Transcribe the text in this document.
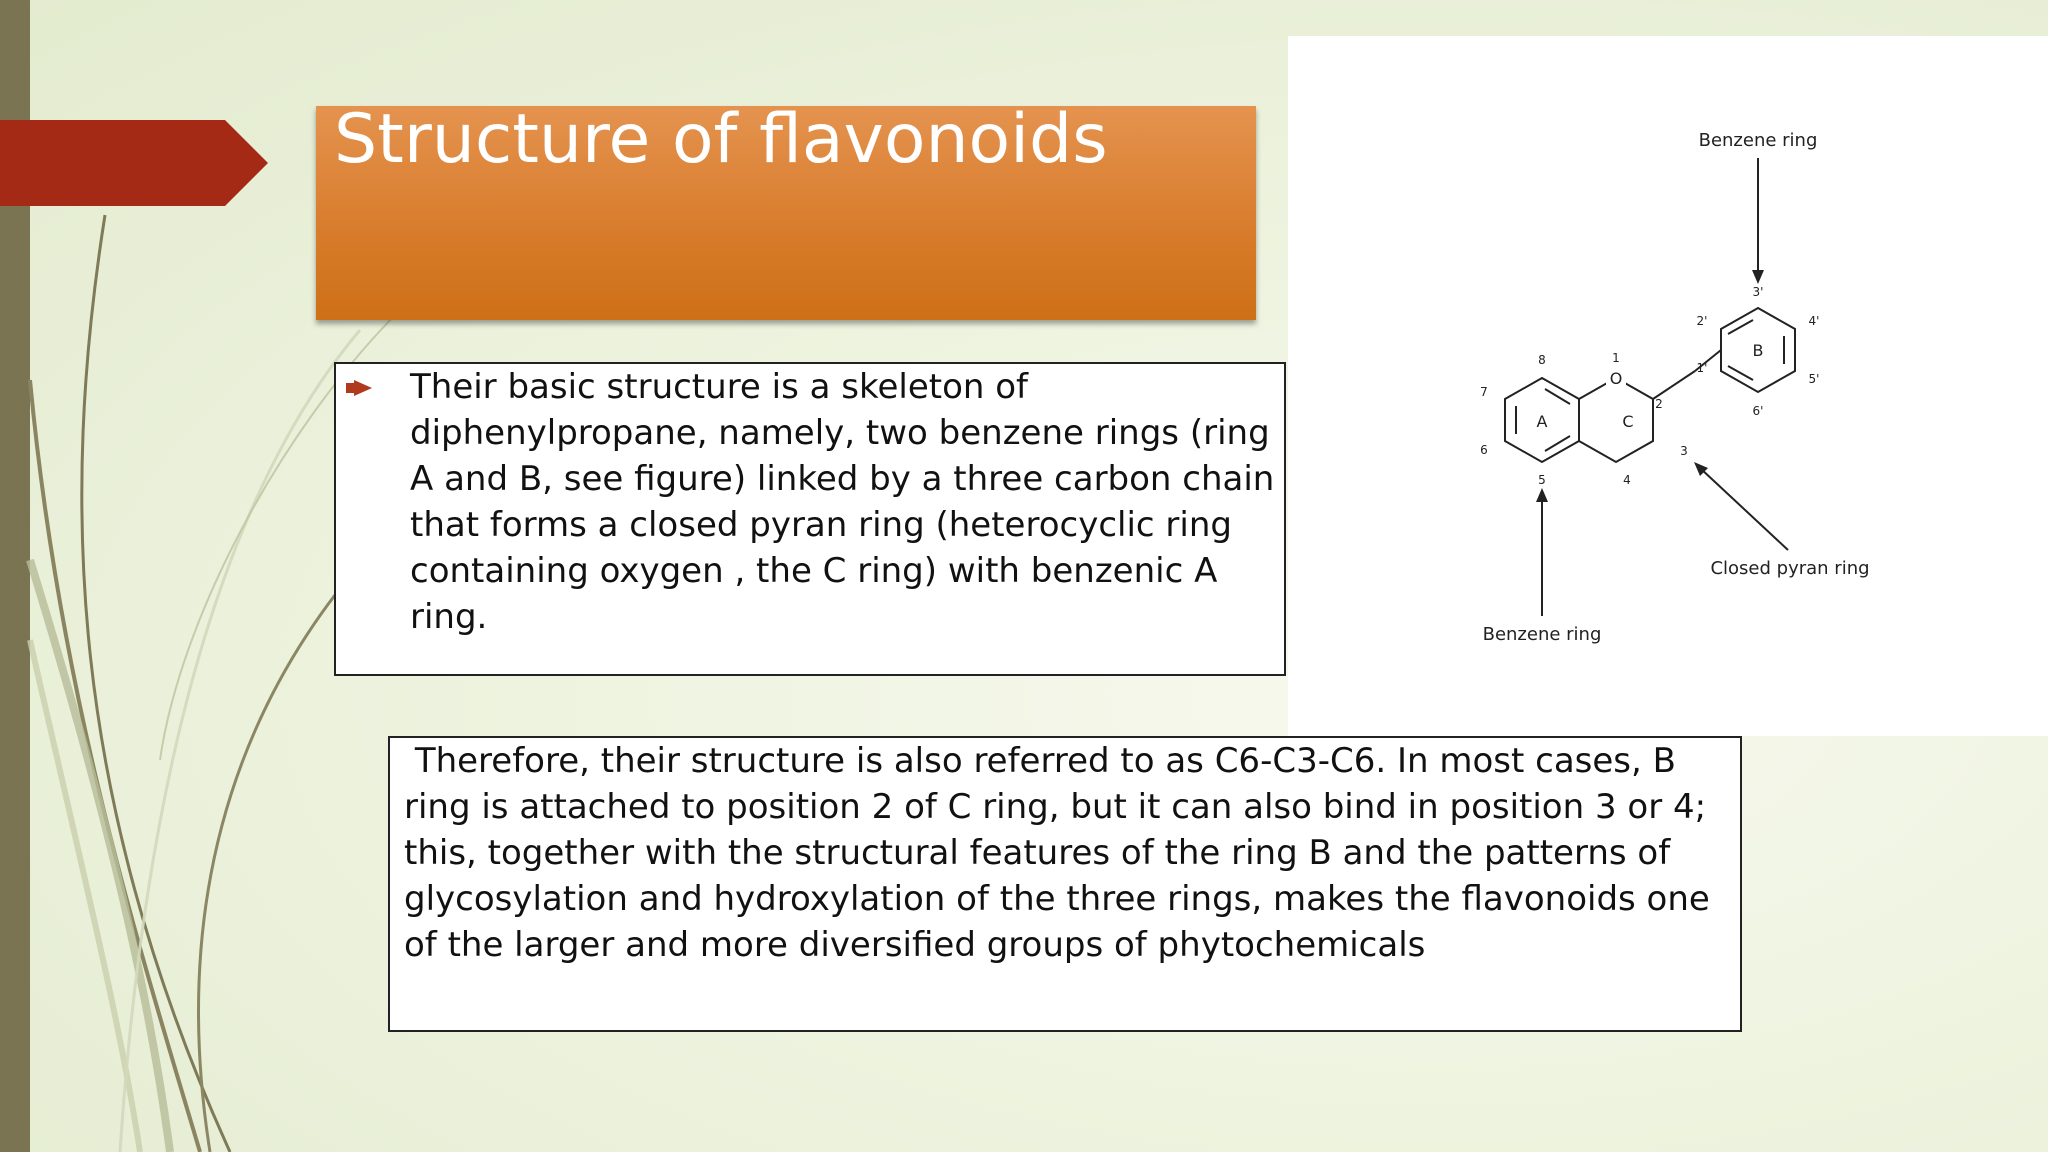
Structure of flavonoids
O
A	C
B
1
2
3
4
5
6
7
8
1'
2'
3'
4'
5'
6'
Benzene ring
Closed pyran ring
Benzene ring
Their basic structure is a skeleton of diphenylpropane, namely, two benzene rings (ring A and B, see figure) linked by a three carbon chain that forms a closed pyran ring (heterocyclic ring containing oxygen , the C ring) with benzenic A ring.
Therefore, their structure is also referred to as C6-C3-C6. In most cases, B ring is attached to position 2 of C ring, but it can also bind in position 3 or 4; this, together with the structural features of the ring B and the patterns of glycosylation and hydroxylation of the three rings, makes the flavonoids one of the larger and more diversified groups of phytochemicals
